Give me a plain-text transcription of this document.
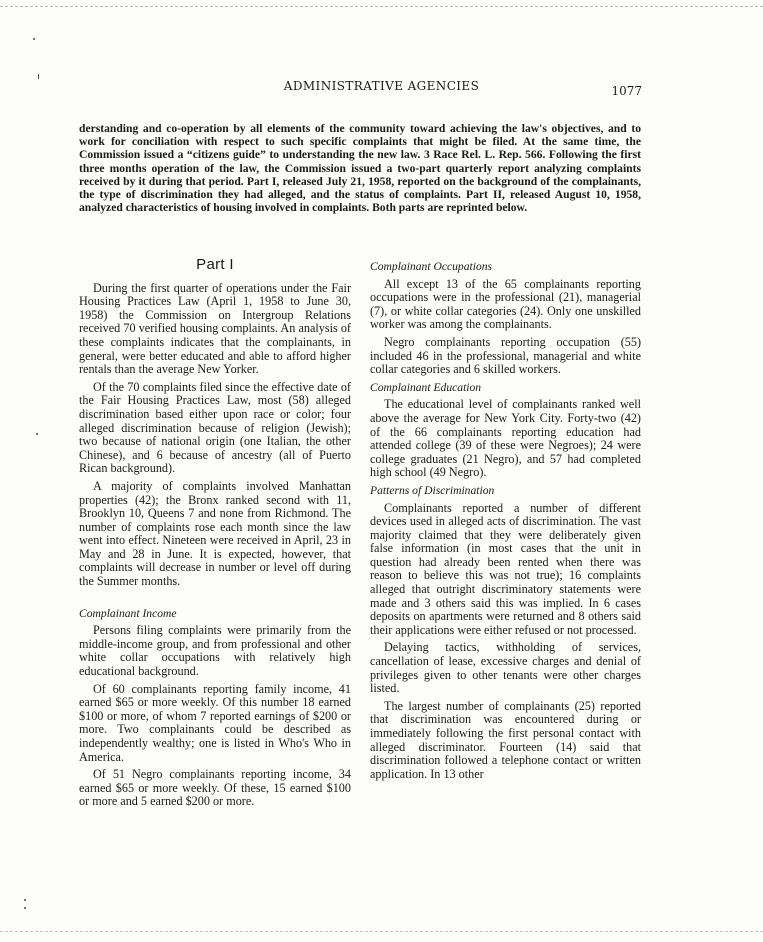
ADMINISTRATIVE AGENCIES	1077
derstanding and co-operation by all elements of the community toward achieving the law's objectives, and to work for conciliation with respect to such specific complaints that might be filed. At the same time, the Commission issued a “citizens guide” to understanding the new law. 3 Race Rel. L. Rep. 566. Following the first three months operation of the law, the Commission issued a two-part quarterly report analyzing complaints received by it during that period. Part I, released July 21, 1958, reported on the background of the complainants, the type of discrimination they had alleged, and the status of complaints. Part II, released August 10, 1958, analyzed characteristics of housing involved in complaints. Both parts are reprinted below.
Part I

During the first quarter of operations under the Fair Housing Practices Law (April 1, 1958 to June 30, 1958) the Commission on Intergroup Relations received 70 verified housing complaints. An analysis of these complaints indicates that the complainants, in general, were better educated and able to afford higher rentals than the average New Yorker.

Of the 70 complaints filed since the effective date of the Fair Housing Practices Law, most (58) alleged discrimination based either upon race or color; four alleged discrimination because of religion (Jewish); two because of national origin (one Italian, the other Chinese), and 6 because of ancestry (all of Puerto Rican background).

A majority of complaints involved Manhattan properties (42); the Bronx ranked second with 11, Brooklyn 10, Queens 7 and none from Richmond. The number of complaints rose each month since the law went into effect. Nineteen were received in April, 23 in May and 28 in June. It is expected, however, that complaints will decrease in number or level off during the Summer months.

Complainant Income

Persons filing complaints were primarily from the middle-income group, and from professional and other white collar occupations with relatively high educational background.

Of 60 complainants reporting family income, 41 earned $65 or more weekly. Of this number 18 earned $100 or more, of whom 7 reported earnings of $200 or more. Two complainants could be described as independently wealthy; one is listed in Who's Who in America.

Of 51 Negro complainants reporting income, 34 earned $65 or more weekly. Of these, 15 earned $100 or more and 5 earned $200 or more.

Complainant Occupations

All except 13 of the 65 complainants reporting occupations were in the professional (21), managerial (7), or white collar categories (24). Only one unskilled worker was among the complainants.

Negro complainants reporting occupation (55) included 46 in the professional, managerial and white collar categories and 6 skilled workers.

Complainant Education

The educational level of complainants ranked well above the average for New York City. Forty-two (42) of the 66 complainants reporting education had attended college (39 of these were Negroes); 24 were college graduates (21 Negro), and 57 had completed high school (49 Negro).

Patterns of Discrimination

Complainants reported a number of different devices used in alleged acts of discrimination. The vast majority claimed that they were deliberately given false information (in most cases that the unit in question had already been rented when there was reason to believe this was not true); 16 complaints alleged that outright discriminatory statements were made and 3 others said this was implied. In 6 cases deposits on apartments were returned and 8 others said their applications were either refused or not processed.

Delaying tactics, withholding of services, cancellation of lease, excessive charges and denial of privileges given to other tenants were other charges listed.

The largest number of complainants (25) reported that discrimination was encountered during or immediately following the first personal contact with alleged discriminator. Fourteen (14) said that discrimination followed a telephone contact or written application. In 13 other
